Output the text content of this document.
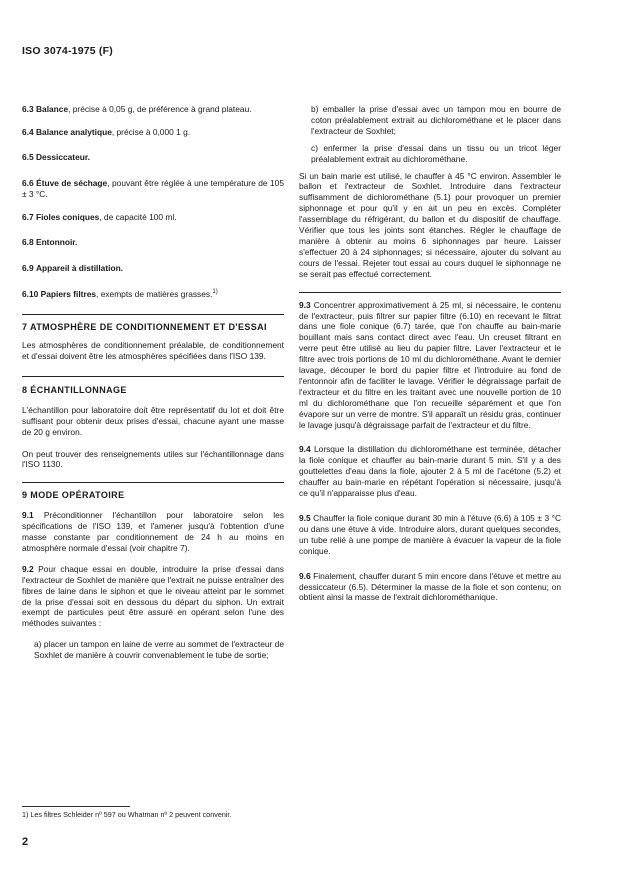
ISO 3074-1975 (F)

6.3 Balance, précise à 0,05 g, de préférence à grand plateau.

6.4 Balance analytique, précise à 0,000 1 g.

6.5 Dessiccateur.

6.6 Étuve de séchage, pouvant être réglée à une température de 105 ± 3 °C.

6.7 Fioles coniques, de capacité 100 ml.

6.8 Entonnoir.

6.9 Appareil à distillation.

6.10 Papiers filtres, exempts de matières grasses.$^{1)}$

7 ATMOSPHÈRE DE CONDITIONNEMENT ET D'ESSAI

Les atmosphères de conditionnement préalable, de conditionnement et d'essai doivent être les atmosphères spécifiées dans l'ISO 139.

8 ÉCHANTILLONNAGE

L'échantillon pour laboratoire doit être représentatif du lot et doit être suffisant pour obtenir deux prises d'essai, chacune ayant une masse de 20 g environ.

On peut trouver des renseignements utiles sur l'échantillonnage dans l'ISO 1130.

9 MODE OPÉRATOIRE

9.1 Préconditionner l'échantillon pour laboratoire selon les spécifications de l'ISO 139, et l'amener jusqu'à l'obtention d'une masse constante par conditionnement de 24 h au moins en atmosphère normale d'essai (voir chapitre 7).

9.2 Pour chaque essai en double, introduire la prise d'essai dans l'extracteur de Soxhlet de manière que l'extrait ne puisse entraîner des fibres de laine dans le siphon et que le niveau atteint par le sommet de la prise d'essai soit en dessous du départ du siphon. Un extrait exempt de particules peut être assuré en opérant selon l'une des méthodes suivantes :

a) placer un tampon en laine de verre au sommet de l'extracteur de Soxhlet de manière à couvrir convenablement le tube de sortie;

b) emballer la prise d'essai avec un tampon mou en bourre de coton préalablement extrait au dichlorométhane et le placer dans l'extracteur de Soxhlet;

c) enfermer la prise d'essai dans un tissu ou un tricot léger préalablement extrait au dichlorométhane.

Si un bain marie est utilisé, le chauffer à 45 °C environ. Assembler le ballon et l'extracteur de Soxhlet. Introduire dans l'extracteur suffisamment de dichlorométhane (5.1) pour provoquer un premier siphonnage et pour qu'il y en ait un peu en excès. Compléter l'assemblage du réfrigérant, du ballon et du dispositif de chauffage. Vérifier que tous les joints sont étanches. Régler le chauffage de manière à obtenir au moins 6 siphonnages par heure. Laisser s'effectuer 20 à 24 siphonnages; si nécessaire, ajouter du solvant au cours de l'essai. Rejeter tout essai au cours duquel le siphonnage ne se serait pas effectué correctement.

9.3 Concentrer approximativement à 25 ml, si nécessaire, le contenu de l'extracteur, puis filtrer sur papier filtre (6.10) en recevant le filtrat dans une fiole conique (6.7) tarée, que l'on chauffe au bain-marie bouillant mais sans contact direct avec l'eau. Un creuset filtrant en verre peut être utilisé au lieu du papier filtre. Laver l'extracteur et le filtre avec trois portions de 10 ml du dichlorométhane. Avant le dernier lavage, découper le bord du papier filtre et l'introduire au fond de l'entonnoir afin de faciliter le lavage. Vérifier le dégraissage parfait de l'extracteur et du filtre en les traitant avec une nouvelle portion de 10 ml du dichlorométhane que l'on recueille séparément et que l'on évapore sur un verre de montre. S'il apparaît un résidu gras, continuer le lavage jusqu'à dégraissage parfait de l'extracteur et du filtre.

9.4 Lorsque la distillation du dichlorométhane est terminée, détacher la fiole conique et chauffer au bain-marie durant 5 min. S'il y a des gouttelettes d'eau dans la fiole, ajouter 2 à 5 ml de l'acétone (5.2) et chauffer au bain-marie en répétant l'opération si nécessaire, jusqu'à ce qu'il n'apparaisse plus d'eau.

9.5 Chauffer la fiole conique durant 30 min à l'étuve (6.6) à 105 ± 3 °C ou dans une étuve à vide. Introduire alors, durant quelques secondes, un tube relié à une pompe de manière à évacuer la vapeur de la fiole conique.

9.6 Finalement, chauffer durant 5 min encore dans l'étuve et mettre au dessiccateur (6.5). Déterminer la masse de la fiole et son contenu; on obtient ainsi la masse de l'extrait dichlorométhanique.

1) Les filtres Schleider nº 597 ou Whatman nº 2 peuvent convenir.
2
